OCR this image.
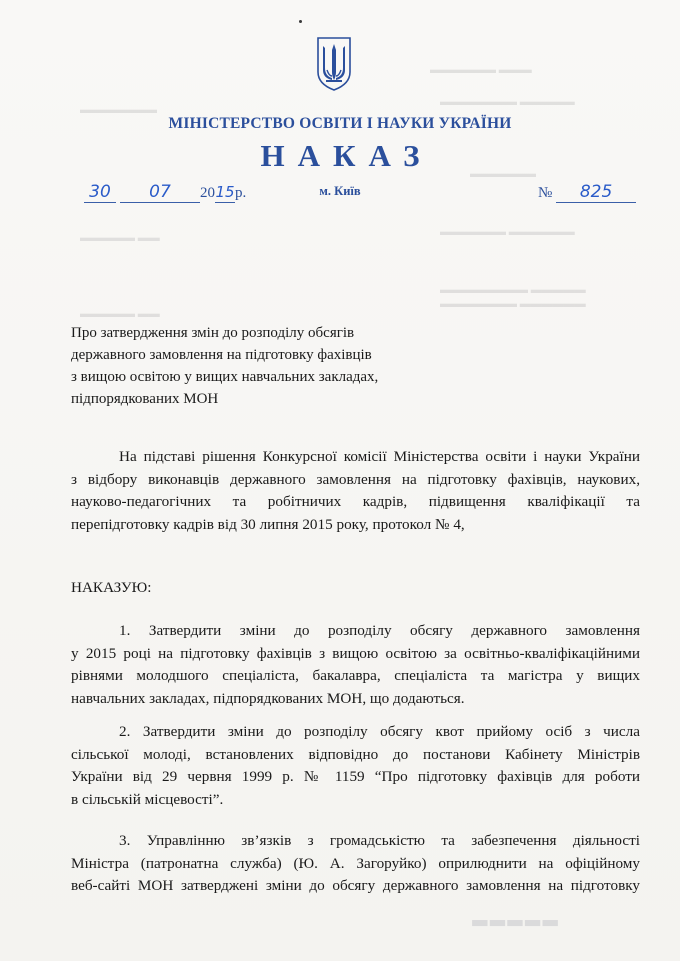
▬▬▬ ▬▬▬▬▬▬
▬▬▬▬▬ ▬▬▬▬▬▬▬
▬▬▬▬▬▬▬
▬▬▬▬▬▬
▬▬▬▬▬▬ ▬▬▬▬▬▬
▬▬ ▬▬▬▬▬
▬▬▬▬▬ ▬▬▬▬▬▬▬▬
▬▬▬▬▬▬ ▬▬▬▬▬▬▬
▬▬ ▬▬▬▬▬
МІНІСТЕРСТВО ОСВІТИ І НАУКИ УКРАЇНИ
НАКАЗ
30 07 2015р.	м. Київ	№ 825
Про затвердження змін до розподілу обсягів
державного замовлення на підготовку фахівців
з вищою освітою у вищих навчальних закладах,
підпорядкованих МОН
На підставі рішення Конкурсної комісії Міністерства освіти і науки України
з відбору виконавців державного замовлення на підготовку фахівців, наукових,
науково-педагогічних та робітничих кадрів, підвищення кваліфікації та
перепідготовку кадрів від 30 липня 2015 року, протокол № 4,
НАКАЗУЮ:
1. Затвердити зміни до розподілу обсягу державного замовлення
у 2015 році на підготовку фахівців з вищою освітою за освітньо-кваліфікаційними
рівнями молодшого спеціаліста, бакалавра, спеціаліста та магістра у вищих
навчальних закладах, підпорядкованих МОН, що додаються.
2. Затвердити зміни до розподілу обсягу квот прийому осіб з числа
сільської молоді, встановлених відповідно до постанови Кабінету Міністрів
України від 29 червня 1999 р. № 1159 “Про підготовку фахівців для роботи
в сільській місцевості”.
3. Управлінню зв’язків з громадськістю та забезпечення діяльності
Міністра (патронатна служба) (Ю. А. Загоруйко) оприлюднити на офіційному
веб-сайті МОН затверджені зміни до обсягу державного замовлення на підготовку
▬▬▬▬▬
